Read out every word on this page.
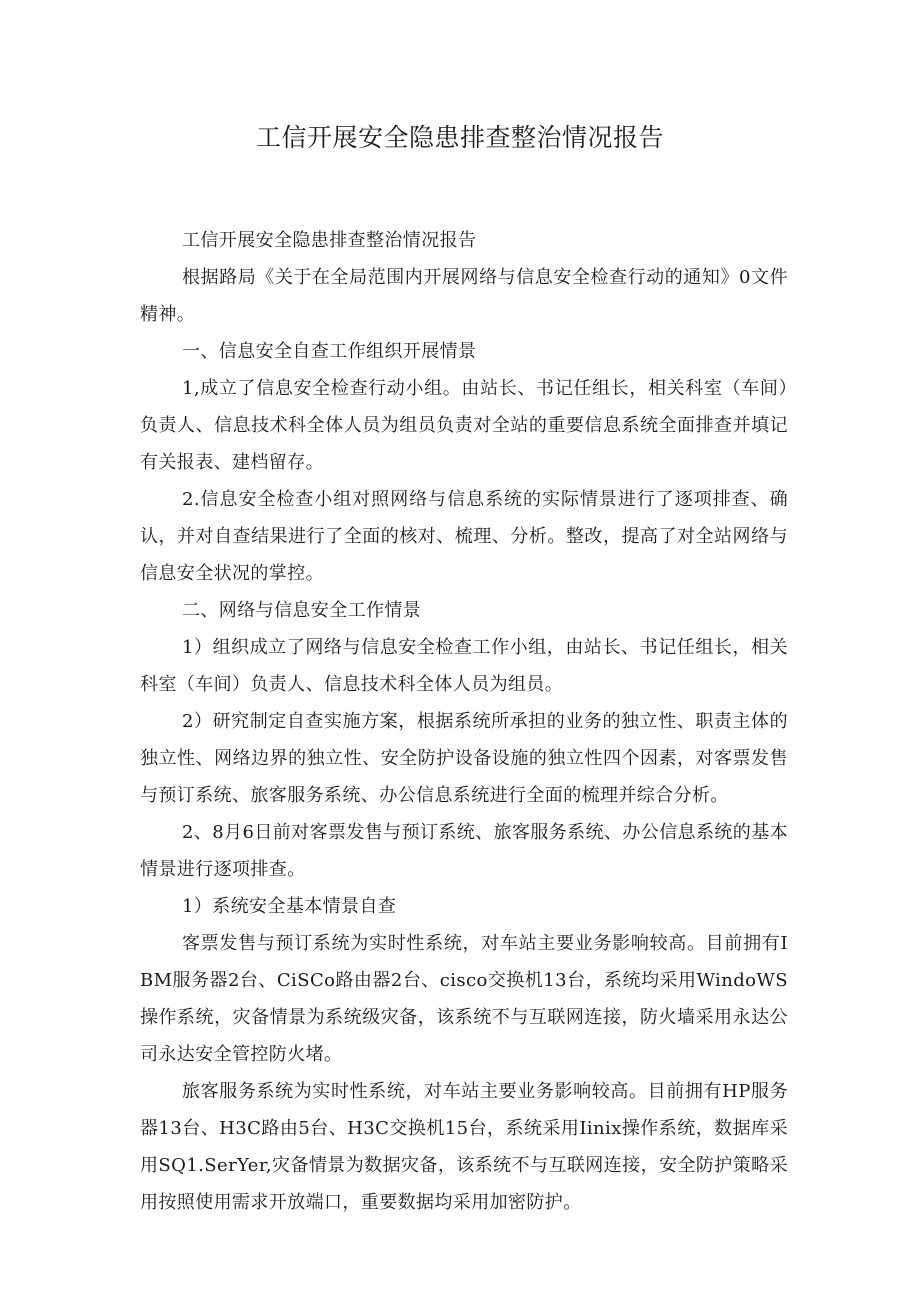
工信开展安全隐患排查整治情况报告

工信开展安全隐患排查整治情况报告

根据路局《关于在全局范围内开展网络与信息安全检查行动的通知》0文件精神。

一、信息安全自查工作组织开展情景

1,成立了信息安全检查行动小组。由站长、书记任组长，相关科室（车间）负责人、信息技术科全体人员为组员负责对全站的重要信息系统全面排查并填记有关报表、建档留存。

2.信息安全检查小组对照网络与信息系统的实际情景进行了逐项排查、确认，并对自查结果进行了全面的核对、梳理、分析。整改，提高了对全站网络与信息安全状况的掌控。

二、网络与信息安全工作情景

1）组织成立了网络与信息安全检查工作小组，由站长、书记任组长，相关科室（车间）负责人、信息技术科全体人员为组员。

2）研究制定自查实施方案，根据系统所承担的业务的独立性、职责主体的独立性、网络边界的独立性、安全防护设备设施的独立性四个因素，对客票发售与预订系统、旅客服务系统、办公信息系统进行全面的梳理并综合分析。

2、8月6日前对客票发售与预订系统、旅客服务系统、办公信息系统的基本情景进行逐项排查。

1）系统安全基本情景自查

客票发售与预订系统为实时性系统，对车站主要业务影响较高。目前拥有IBM服务器2台、CiSCo路由器2台、cisco交换机13台，系统均采用WindoWS操作系统，灾备情景为系统级灾备，该系统不与互联网连接，防火墙采用永达公司永达安全管控防火堵。

旅客服务系统为实时性系统，对车站主要业务影响较高。目前拥有HP服务器13台、H3C路由5台、H3C交换机15台，系统采用Iinix操作系统，数据库采用SQ1.SerYer,灾备情景为数据灾备，该系统不与互联网连接，安全防护策略采用按照使用需求开放端口，重要数据均采用加密防护。
